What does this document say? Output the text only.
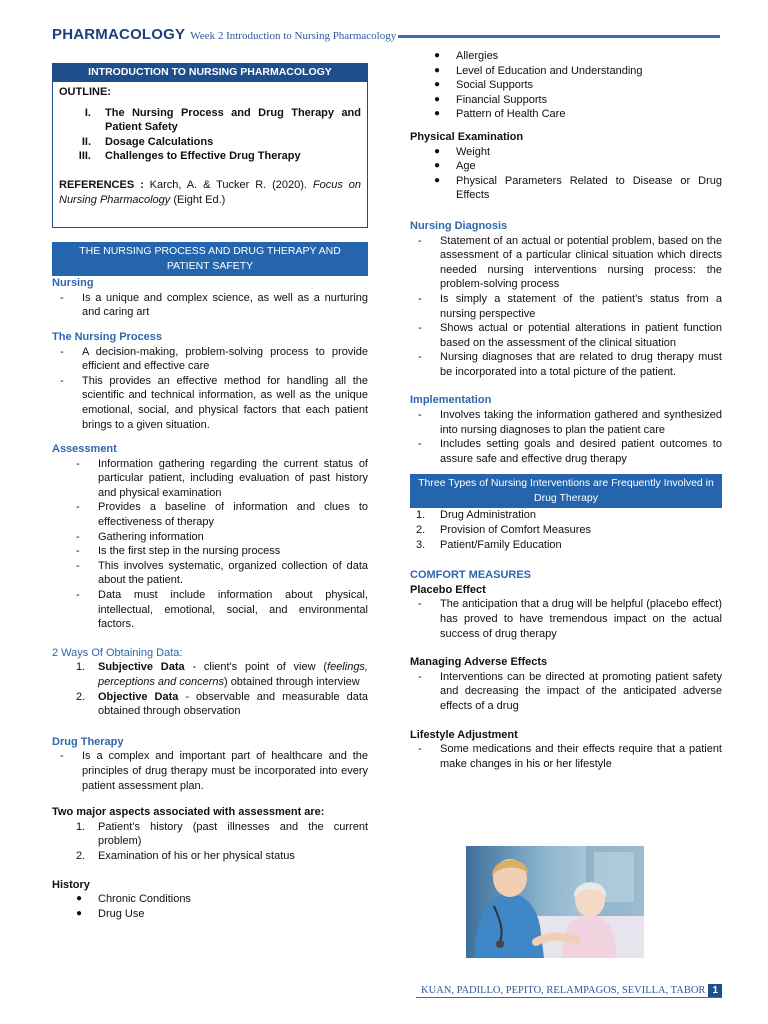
PHARMACOLOGY Week 2 Introduction to Nursing Pharmacology
INTRODUCTION TO NURSING PHARMACOLOGY
OUTLINE:
I. The Nursing Process and Drug Therapy and Patient Safety
II. Dosage Calculations
III. Challenges to Effective Drug Therapy
REFERENCES : Karch, A. & Tucker R. (2020). Focus on Nursing Pharmacology (Eight Ed.)
THE NURSING PROCESS AND DRUG THERAPY AND PATIENT SAFETY
Nursing
- Is a unique and complex science, as well as a nurturing and caring art
The Nursing Process
- A decision-making, problem-solving process to provide efficient and effective care
- This provides an effective method for handling all the scientific and technical information, as well as the unique emotional, social, and physical factors that each patient brings to a given situation.
Assessment
- Information gathering regarding the current status of particular patient, including evaluation of past history and physical examination
- Provides a baseline of information and clues to effectiveness of therapy
- Gathering information
- Is the first step in the nursing process
- This involves systematic, organized collection of data about the patient.
- Data must include information about physical, intellectual, emotional, social, and environmental factors.
2 Ways Of Obtaining Data:
1. Subjective Data - client's point of view (feelings, perceptions and concerns) obtained through interview
2. Objective Data - observable and measurable data obtained through observation
Drug Therapy
- Is a complex and important part of healthcare and the principles of drug therapy must be incorporated into every patient assessment plan.
Two major aspects associated with assessment are:
1. Patient’s history (past illnesses and the current problem)
2. Examination of his or her physical status
History
● Chronic Conditions
● Drug Use
● Allergies
● Level of Education and Understanding
● Social Supports
● Financial Supports
● Pattern of Health Care
Physical Examination
● Weight
● Age
● Physical Parameters Related to Disease or Drug Effects
Nursing Diagnosis
- Statement of an actual or potential problem, based on the assessment of a particular clinical situation which directs needed nursing interventions nursing process: the problem-solving process
- Is simply a statement of the patient’s status from a nursing perspective
- Shows actual or potential alterations in patient function based on the assessment of the clinical situation
- Nursing diagnoses that are related to drug therapy must be incorporated into a total picture of the patient.
Implementation
- Involves taking the information gathered and synthesized into nursing diagnoses to plan the patient care
- Includes setting goals and desired patient outcomes to assure safe and effective drug therapy
Three Types of Nursing Interventions are Frequently Involved in Drug Therapy
1. Drug Administration
2. Provision of Comfort Measures
3. Patient/Family Education
COMFORT MEASURES
Placebo Effect
- The anticipation that a drug will be helpful (placebo effect) has proved to have tremendous impact on the actual success of drug therapy
Managing Adverse Effects
- Interventions can be directed at promoting patient safety and decreasing the impact of the anticipated adverse effects of a drug
Lifestyle Adjustment
- Some medications and their effects require that a patient make changes in his or her lifestyle
KUAN, PADILLO, PEPITO, RELAMPAGOS, SEVILLA, TABOR 1
